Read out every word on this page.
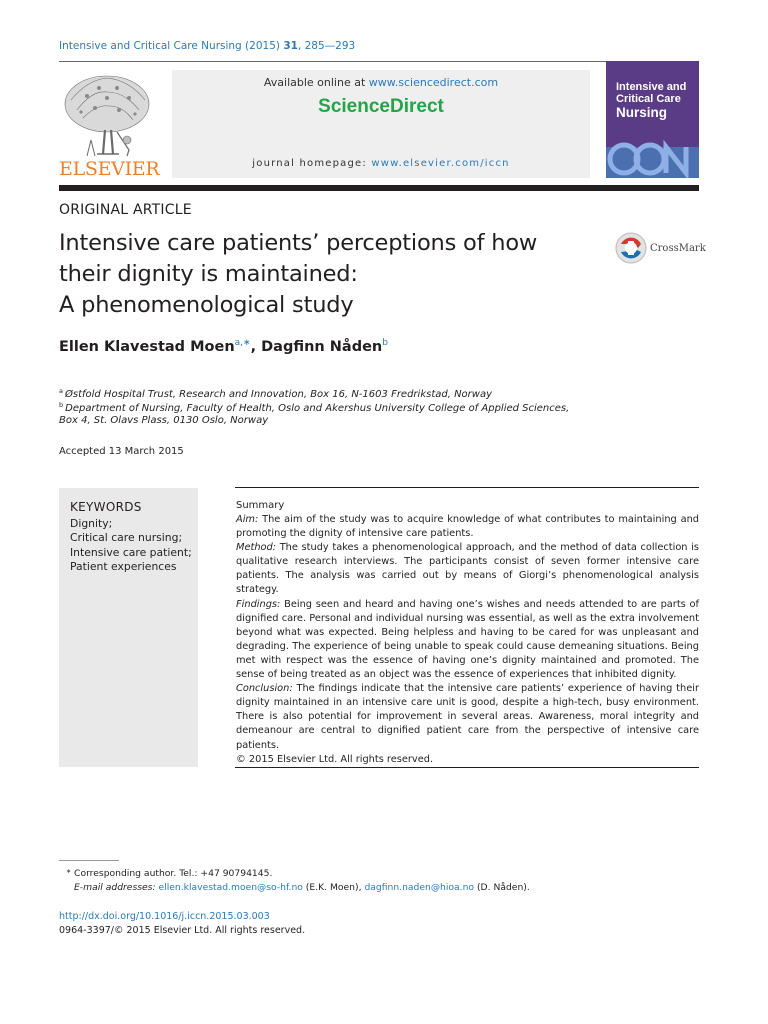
Intensive and Critical Care Nursing (2015) 31, 285—293
ELSEVIER
Available online at www.sciencedirect.com
ScienceDirect
journal homepage: www.elsevier.com/iccn
Intensive and
Critical Care
Nursing
ORIGINAL ARTICLE
Intensive care patients’ perceptions of how
their dignity is maintained:
A phenomenological study
CrossMark
Ellen Klavestad Moen$^{a,∗}$, Dagfinn Nåden$^b$
$^a$ Østfold Hospital Trust, Research and Innovation, Box 16, N-1603 Fredrikstad, Norway
$^b$ Department of Nursing, Faculty of Health, Oslo and Akershus University College of Applied Sciences,
Box 4, St. Olavs Plass, 0130 Oslo, Norway
Accepted 13 March 2015
KEYWORDS
Dignity;
Critical care nursing;
Intensive care patient;
Patient experiences
Summary

Aim: The aim of the study was to acquire knowledge of what contributes to maintaining and promoting the dignity of intensive care patients.

Method: The study takes a phenomenological approach, and the method of data collection is qualitative research interviews. The participants consist of seven former intensive care patients. The analysis was carried out by means of Giorgi’s phenomenological analysis strategy.

Findings: Being seen and heard and having one’s wishes and needs attended to are parts of dignified care. Personal and individual nursing was essential, as well as the extra involvement beyond what was expected. Being helpless and having to be cared for was unpleasant and degrading. The experience of being unable to speak could cause demeaning situations. Being met with respect was the essence of having one’s dignity maintained and promoted. The sense of being treated as an object was the essence of experiences that inhibited dignity.

Conclusion: The findings indicate that the intensive care patients’ experience of having their dignity maintained in an intensive care unit is good, despite a high-tech, busy environment. There is also potential for improvement in several areas. Awareness, moral integrity and demeanour are central to dignified patient care from the perspective of intensive care patients.

© 2015 Elsevier Ltd. All rights reserved.

∗ Corresponding author. Tel.: +47 90794145.
E-mail addresses: ellen.klavestad.moen@so-hf.no (E.K. Moen), dagfinn.naden@hioa.no (D. Nåden).
http://dx.doi.org/10.1016/j.iccn.2015.03.003
0964-3397/© 2015 Elsevier Ltd. All rights reserved.
